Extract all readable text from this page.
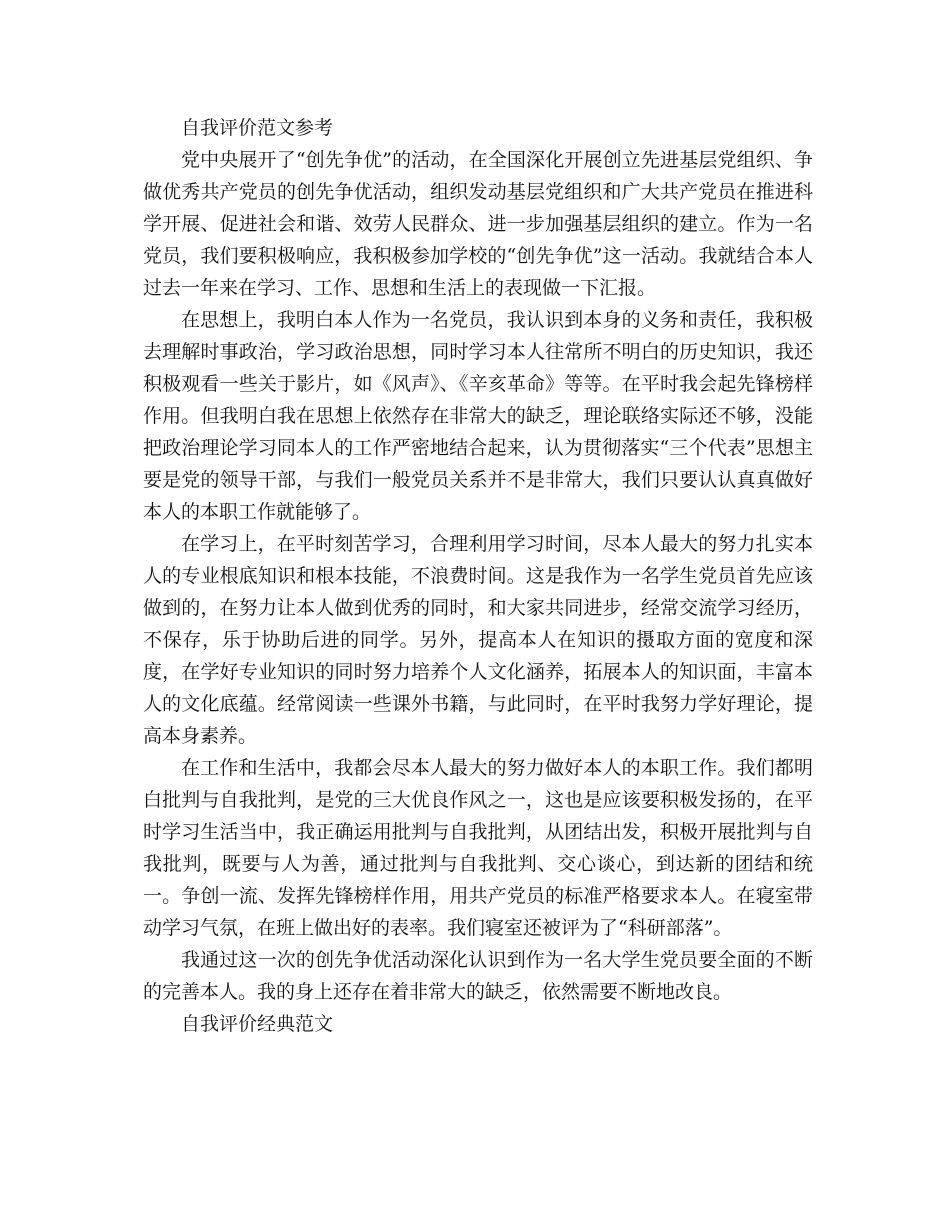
自我评价范文参考

党中央展开了“创先争优”的活动，在全国深化开展创立先进基层党组织、争做优秀共产党员的创先争优活动，组织发动基层党组织和广大共产党员在推进科学开展、促进社会和谐、效劳人民群众、进一步加强基层组织的建立。作为一名党员，我们要积极响应，我积极参加学校的“创先争优”这一活动。我就结合本人过去一年来在学习、工作、思想和生活上的表现做一下汇报。

在思想上，我明白本人作为一名党员，我认识到本身的义务和责任，我积极去理解时事政治，学习政治思想，同时学习本人往常所不明白的历史知识，我还积极观看一些关于影片，如《风声》、《辛亥革命》等等。在平时我会起先锋榜样作用。但我明白我在思想上依然存在非常大的缺乏，理论联络实际还不够，没能把政治理论学习同本人的工作严密地结合起来，认为贯彻落实“三个代表”思想主要是党的领导干部，与我们一般党员关系并不是非常大，我们只要认认真真做好本人的本职工作就能够了。

在学习上，在平时刻苦学习，合理利用学习时间，尽本人最大的努力扎实本人的专业根底知识和根本技能，不浪费时间。这是我作为一名学生党员首先应该做到的，在努力让本人做到优秀的同时，和大家共同进步，经常交流学习经历，不保存，乐于协助后进的同学。另外，提高本人在知识的摄取方面的宽度和深度，在学好专业知识的同时努力培养个人文化涵养，拓展本人的知识面，丰富本人的文化底蕴。经常阅读一些课外书籍，与此同时，在平时我努力学好理论，提高本身素养。

在工作和生活中，我都会尽本人最大的努力做好本人的本职工作。我们都明白批判与自我批判，是党的三大优良作风之一，这也是应该要积极发扬的，在平时学习生活当中，我正确运用批判与自我批判，从团结出发，积极开展批判与自我批判，既要与人为善，通过批判与自我批判、交心谈心，到达新的团结和统一。争创一流、发挥先锋榜样作用，用共产党员的标准严格要求本人。在寝室带动学习气氛，在班上做出好的表率。我们寝室还被评为了“科研部落”。

我通过这一次的创先争优活动深化认识到作为一名大学生党员要全面的不断的完善本人。我的身上还存在着非常大的缺乏，依然需要不断地改良。

自我评价经典范文
